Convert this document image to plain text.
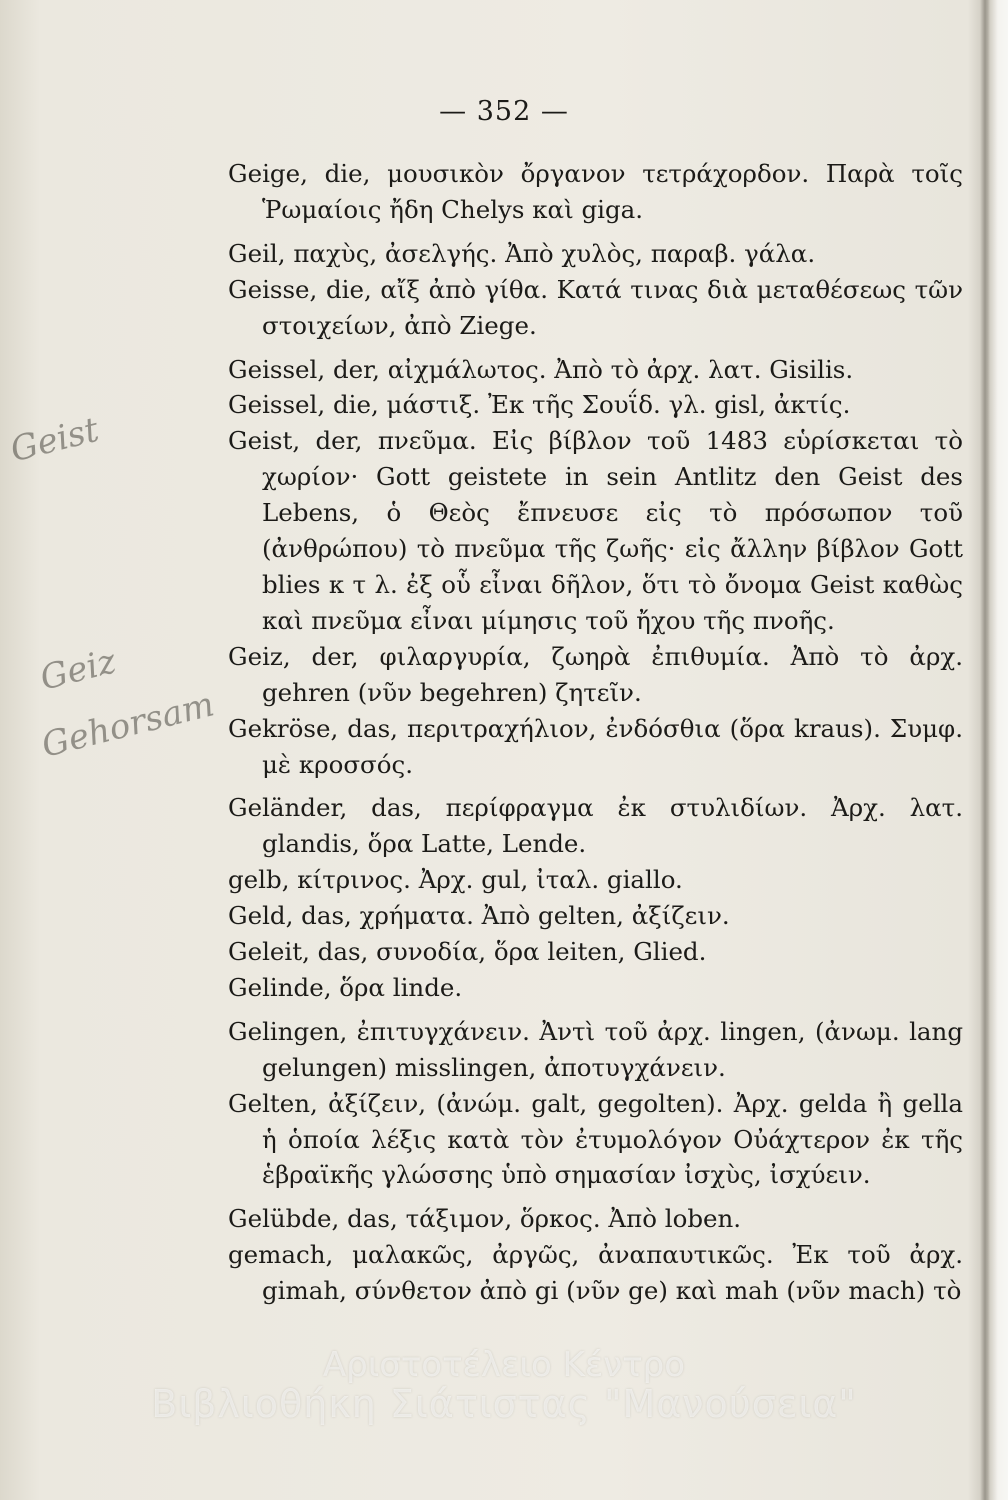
— 352 —
Geist
Geiz
Gehorsam

Geige, die, μουσικὸν ὄργανον τετράχορδον. Παρὰ τοῖς Ῥωμαίοις ἤδη Chelys καὶ giga.

Geil, παχὺς, ἀσελγής. Ἀπὸ χυλὸς, παραβ. γάλα.

Geisse, die, αἴξ ἀπὸ γίθα. Κατά τινας διὰ μεταθέσεως τῶν στοιχείων, ἀπὸ Ziege.

Geissel, der, αἰχμάλωτος. Ἀπὸ τὸ ἀρχ. λατ. Gisilis.

Geissel, die, μάστιξ. Ἐκ τῆς Σουΐδ. γλ. gisl, ἀκτίς.

Geist, der, πνεῦμα. Εἰς βίβλον τοῦ 1483 εὑρίσκεται τὸ χωρίον· Gott geistete in sein Antlitz den Geist des Lebens, ὁ Θεὸς ἔπνευσε εἰς τὸ πρόσωπον τοῦ (ἀνθρώπου) τὸ πνεῦμα τῆς ζωῆς· εἰς ἄλλην βίβλον Gott blies κ τ λ. ἐξ οὗ εἶναι δῆλον, ὅτι τὸ ὄνομα Geist καθὼς καὶ πνεῦμα εἶναι μίμησις τοῦ ἤχου τῆς πνοῆς.

Geiz, der, φιλαργυρία, ζωηρὰ ἐπιθυμία. Ἀπὸ τὸ ἀρχ. gehren (νῦν begehren) ζητεῖν.

Gekröse, das, περιτραχήλιον, ἐνδόσθια (ὅρα kraus). Συμφ. μὲ κροσσός.

Geländer, das, περίφραγμα ἐκ στυλιδίων. Ἀρχ. λατ. glandis, ὅρα Latte, Lende.

gelb, κίτρινος. Ἀρχ. gul, ἰταλ. giallo.

Geld, das, χρήματα. Ἀπὸ gelten, ἀξίζειν.

Geleit, das, συνοδία, ὅρα leiten, Glied.

Gelinde, ὅρα linde.

Gelingen, ἐπιτυγχάνειν. Ἀντὶ τοῦ ἀρχ. lingen, (ἀνωμ. lang gelungen) misslingen, ἀποτυγχάνειν.

Gelten, ἀξίζειν, (ἀνώμ. galt, gegolten). Ἀρχ. gelda ἢ gella ἡ ὁποία λέξις κατὰ τὸν ἐτυμολόγον Οὐάχτερον ἐκ τῆς ἑβραϊκῆς γλώσσης ὑπὸ σημασίαν ἰσχὺς, ἰσχύειν.

Gelübde, das, τάξιμον, ὅρκος. Ἀπὸ loben.

gemach, μαλακῶς, ἀργῶς, ἀναπαυτικῶς. Ἐκ τοῦ ἀρχ. gimah, σύνθετον ἀπὸ gi (νῦν ge) καὶ mah (νῦν mach) τὸ

Αριστοτέλειο Κέντρο
Βιβλιοθήκη Σιάτιστας "Μανούσεια"
